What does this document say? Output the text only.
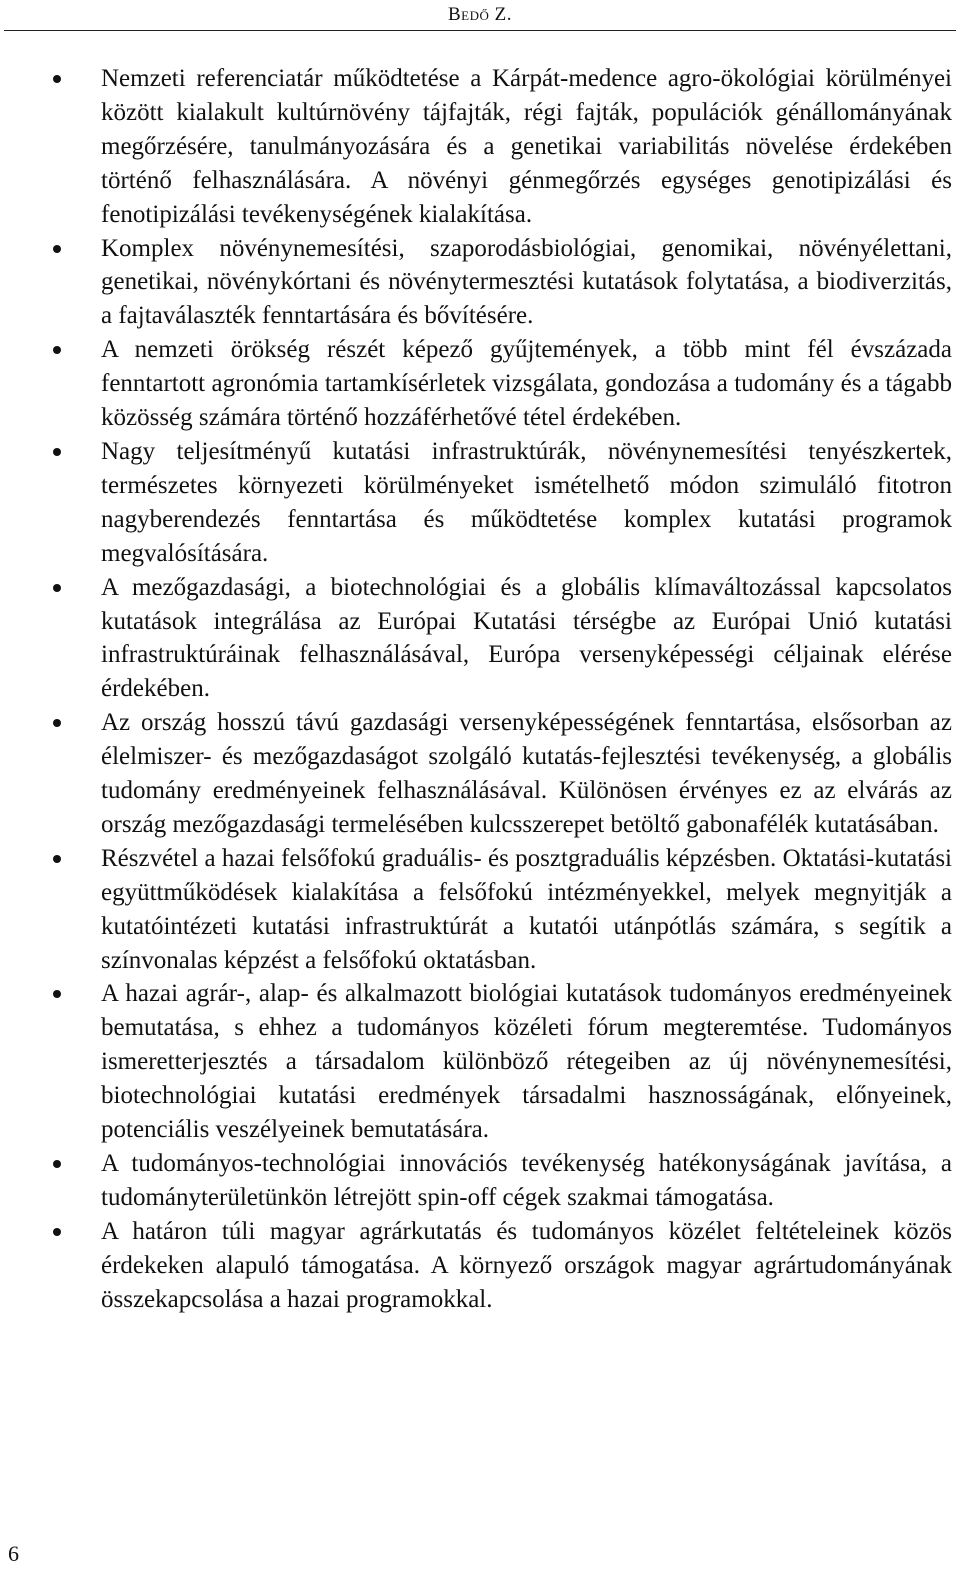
Bedő Z.
Nemzeti referenciatár működtetése a Kárpát-medence agro-ökológiai körülményei között kialakult kultúrnövény tájfajták, régi fajták, populációk génállományának megőrzésére, tanulmányozására és a genetikai variabilitás növelése érdekében történő felhasználására. A növényi génmegőrzés egységes genotipizálási és fenotipizálási tevékenységének kialakítása.
Komplex növénynemesítési, szaporodásbiológiai, genomikai, növényélettani, genetikai, növénykórtani és növénytermesztési kutatások folytatása, a biodiverzitás, a fajtaválaszték fenntartására és bővítésére.
A nemzeti örökség részét képező gyűjtemények, a több mint fél évszázada fenntartott agronómia tartamkísérletek vizsgálata, gondozása a tudomány és a tágabb közösség számára történő hozzáférhetővé tétel érdekében.
Nagy teljesítményű kutatási infrastruktúrák, növénynemesítési tenyészkertek, természetes környezeti körülményeket ismételhető módon szimuláló fitotron nagyberendezés fenntartása és működtetése komplex kutatási programok megvalósítására.
A mezőgazdasági, a biotechnológiai és a globális klímaváltozással kapcsolatos kutatások integrálása az Európai Kutatási térségbe az Európai Unió kutatási infrastruktúráinak felhasználásával, Európa versenyképességi céljainak elérése érdekében.
Az ország hosszú távú gazdasági versenyképességének fenntartása, elsősorban az élelmiszer- és mezőgazdaságot szolgáló kutatás-fejlesztési tevékenység, a globális tudomány eredményeinek felhasználásával. Különösen érvényes ez az elvárás az ország mezőgazdasági termelésében kulcsszerepet betöltő gabonafélék kutatásában.
Részvétel a hazai felsőfokú graduális- és posztgraduális képzésben. Oktatási-kutatási együttműködések kialakítása a felsőfokú intézményekkel, melyek megnyitják a kutatóintézeti kutatási infrastruktúrát a kutatói utánpótlás számára, s segítik a színvonalas képzést a felsőfokú oktatásban.
A hazai agrár-, alap- és alkalmazott biológiai kutatások tudományos eredményeinek bemutatása, s ehhez a tudományos közéleti fórum megteremtése. Tudományos ismeretterjesztés a társadalom különböző rétegeiben az új növénynemesítési, biotechnológiai kutatási eredmények társadalmi hasznosságának, előnyeinek, potenciális veszélyeinek bemutatására.
A tudományos-technológiai innovációs tevékenység hatékonyságának javítása, a tudományterületünkön létrejött spin-off cégek szakmai támogatása.
A határon túli magyar agrárkutatás és tudományos közélet feltételeinek közös érdekeken alapuló támogatása. A környező országok magyar agrártudományának összekapcsolása a hazai programokkal.
6
